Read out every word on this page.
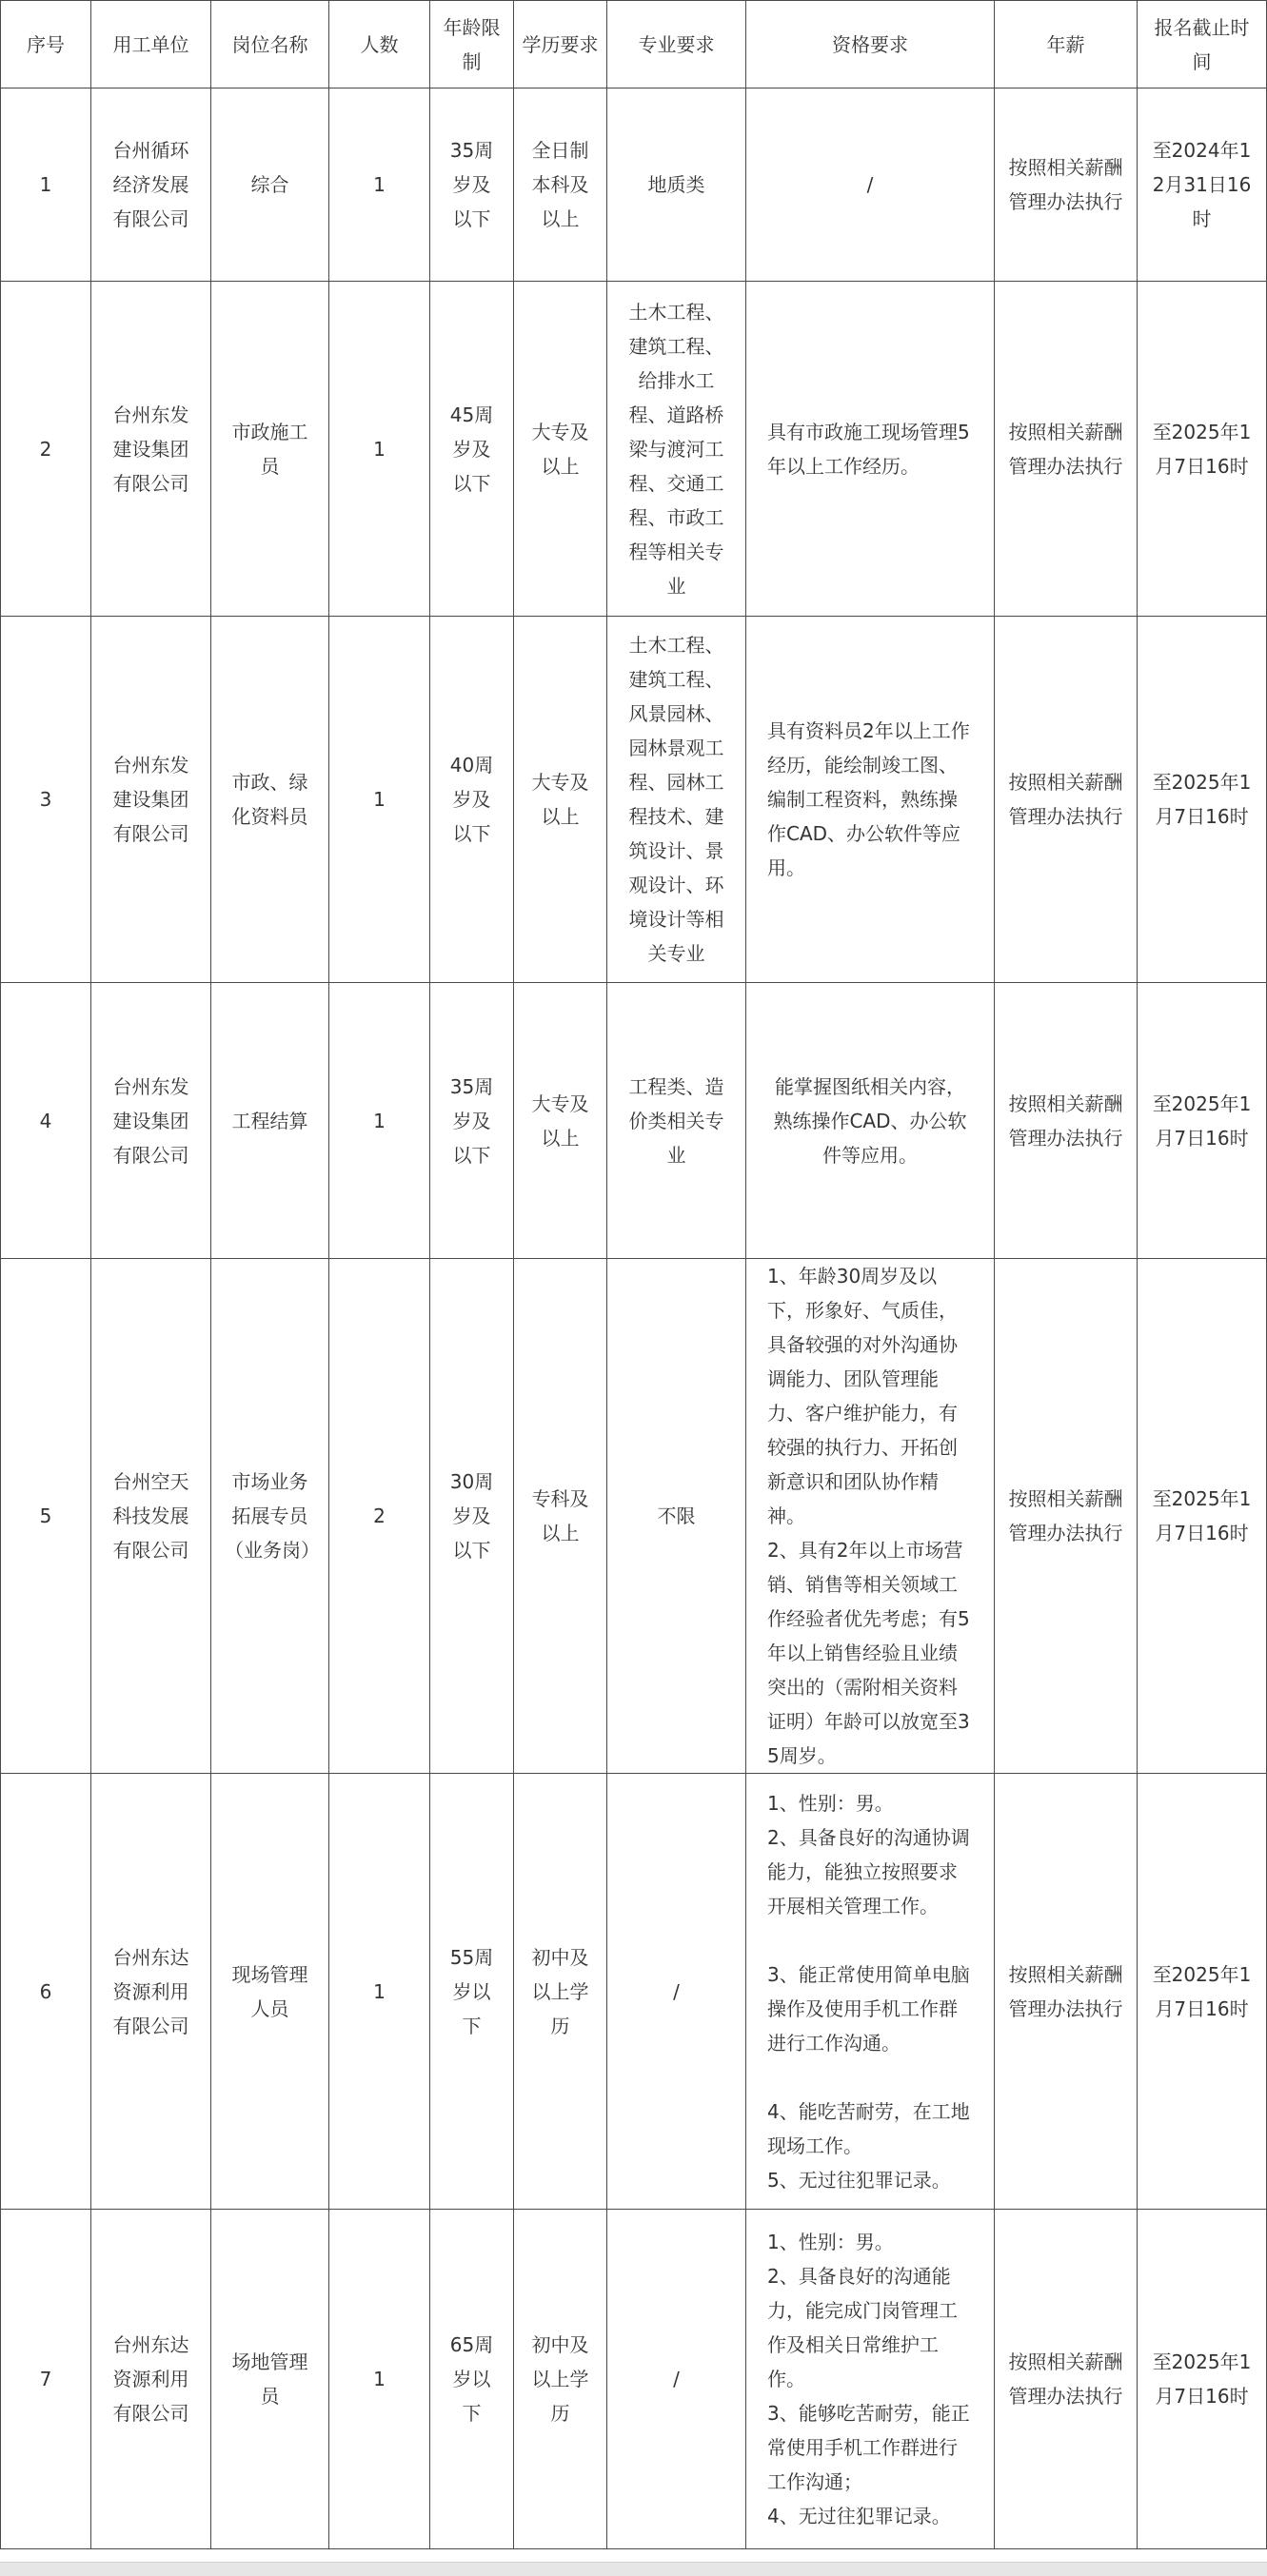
序号	用工单位	岗位名称	人数	年龄限制	学历要求	专业要求	资格要求	年薪	报名截止时间
1	台州循环经济发展有限公司	综合	1	35周岁及以下	全日制本科及以上	地质类	/	按照相关薪酬管理办法执行	至2024年12月31日16时
2	台州东发建设集团有限公司	市政施工员	1	45周岁及以下	大专及以上	土木工程、建筑工程、给排水工程、道路桥梁与渡河工程、交通工程、市政工程等相关专业	具有市政施工现场管理5年以上工作经历。	按照相关薪酬管理办法执行	至2025年1月7日16时
3	台州东发建设集团有限公司	市政、绿化资料员	1	40周岁及以下	大专及以上	土木工程、建筑工程、风景园林、园林景观工程、园林工程技术、建筑设计、景观设计、环境设计等相关专业	具有资料员2年以上工作经历，能绘制竣工图、编制工程资料，熟练操作CAD、办公软件等应用。	按照相关薪酬管理办法执行	至2025年1月7日16时
4	台州东发建设集团有限公司	工程结算	1	35周岁及以下	大专及以上	工程类、造价类相关专业	能掌握图纸相关内容，熟练操作CAD、办公软件等应用。	按照相关薪酬管理办法执行	至2025年1月7日16时
5	台州空天科技发展有限公司	市场业务拓展专员（业务岗）	2	30周岁及以下	专科及以上	不限	1、年龄30周岁及以下，形象好、气质佳，具备较强的对外沟通协调能力、团队管理能力、客户维护能力，有较强的执行力、开拓创新意识和团队协作精神。
2、具有2年以上市场营销、销售等相关领域工作经验者优先考虑；有5年以上销售经验且业绩突出的（需附相关资料证明）年龄可以放宽至35周岁。	按照相关薪酬管理办法执行	至2025年1月7日16时
6	台州东达资源利用有限公司	现场管理人员	1	55周岁以下	初中及以上学历	/	1、性别：男。
2、具备良好的沟通协调能力，能独立按照要求开展相关管理工作。

3、能正常使用简单电脑操作及使用手机工作群进行工作沟通。

4、能吃苦耐劳，在工地现场工作。
5、无过往犯罪记录。	按照相关薪酬管理办法执行	至2025年1月7日16时
7	台州东达资源利用有限公司	场地管理员	1	65周岁以下	初中及以上学历	/	1、性别：男。
2、具备良好的沟通能力，能完成门岗管理工作及相关日常维护工作。
3、能够吃苦耐劳，能正常使用手机工作群进行工作沟通；
4、无过往犯罪记录。	按照相关薪酬管理办法执行	至2025年1月7日16时
